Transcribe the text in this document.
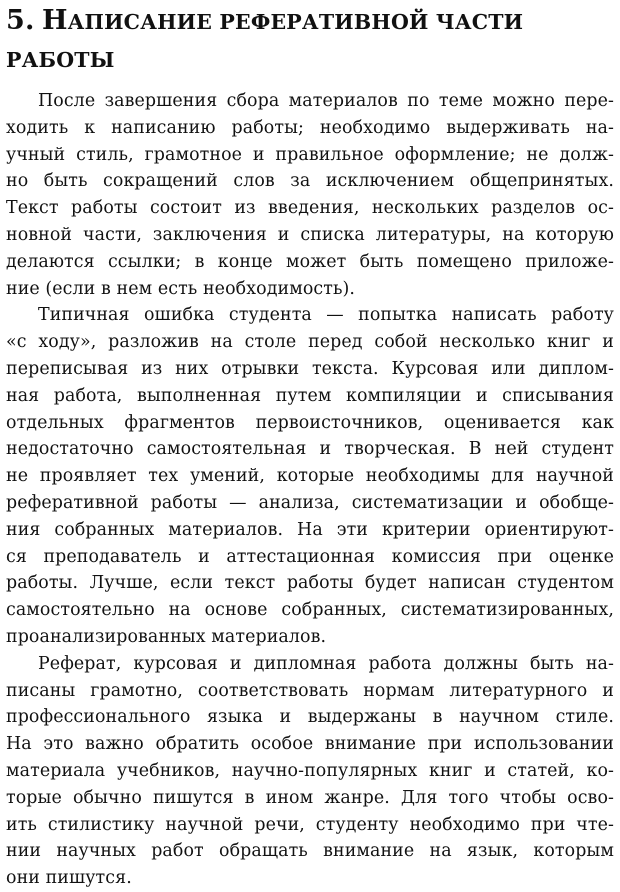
5. НАПИСАНИЕ РЕФЕРАТИВНОЙ ЧАСТИ
РАБОТЫ
После завершения сбора материалов по теме можно пере-
ходить к написанию работы; необходимо выдерживать на-
учный стиль, грамотное и правильное оформление; не долж-
но быть сокращений слов за исключением общепринятых.
Текст работы состоит из введения, нескольких разделов ос-
новной части, заключения и списка литературы, на которую
делаются ссылки; в конце может быть помещено приложе-
ние (если в нем есть необходимость).
Типичная ошибка студента — попытка написать работу
«с ходу», разложив на столе перед собой несколько книг и
переписывая из них отрывки текста. Курсовая или диплом-
ная работа, выполненная путем компиляции и списывания
отдельных фрагментов первоисточников, оценивается как
недостаточно самостоятельная и творческая. В ней студент
не проявляет тех умений, которые необходимы для научной
реферативной работы — анализа, систематизации и обобще-
ния собранных материалов. На эти критерии ориентируют-
ся преподаватель и аттестационная комиссия при оценке
работы. Лучше, если текст работы будет написан студентом
самостоятельно на основе собранных, систематизированных,
проанализированных материалов.
Реферат, курсовая и дипломная работа должны быть на-
писаны грамотно, соответствовать нормам литературного и
профессионального языка и выдержаны в научном стиле.
На это важно обратить особое внимание при использовании
материала учебников, научно-популярных книг и статей, ко-
торые обычно пишутся в ином жанре. Для того чтобы осво-
ить стилистику научной речи, студенту необходимо при чте-
нии научных работ обращать внимание на язык, которым
они пишутся.
